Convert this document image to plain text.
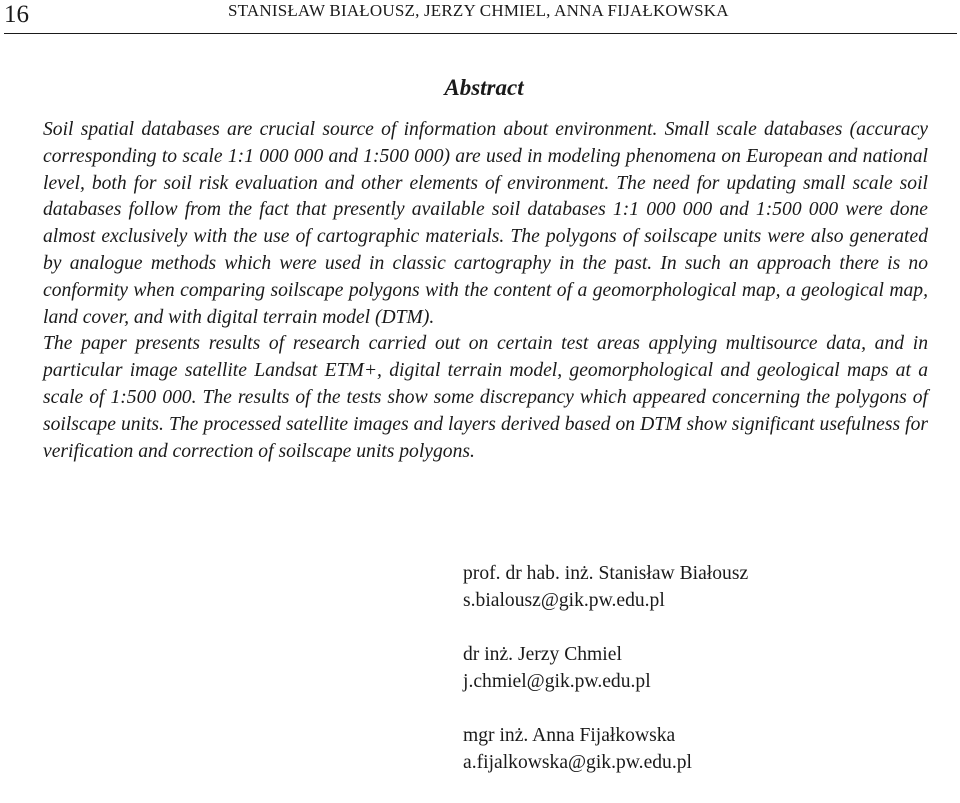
16	STANISŁAW BIAŁOUSZ, JERZY CHMIEL, ANNA FIJAŁKOWSKA
Abstract

Soil spatial databases are crucial source of information about environment. Small scale databases (accuracy corresponding to scale 1:1 000 000 and 1:500 000) are used in modeling phenomena on European and national level, both for soil risk evaluation and other elements of environment. The need for updating small scale soil databases follow from the fact that presently available soil databases 1:1 000 000 and 1:500 000 were done almost exclusively with the use of cartographic materials. The polygons of soilscape units were also generated by analogue methods which were used in classic cartography in the past. In such an approach there is no conformity when comparing soilscape polygons with the content of a geomorphological map, a geological map, land cover, and with digital terrain model (DTM).

The paper presents results of research carried out on certain test areas applying multisource data, and in particular image satellite Landsat ETM+, digital terrain model, geomorphological and geological maps at a scale of 1:500 000. The results of the tests show some discrepancy which appeared concerning the polygons of soilscape units. The processed satellite images and layers derived based on DTM show significant usefulness for verification and correction of soilscape units polygons.

prof. dr hab. inż. Stanisław Białousz
s.bialousz@gik.pw.edu.pl
dr inż. Jerzy Chmiel
j.chmiel@gik.pw.edu.pl
mgr inż. Anna Fijałkowska
a.fijalkowska@gik.pw.edu.pl
